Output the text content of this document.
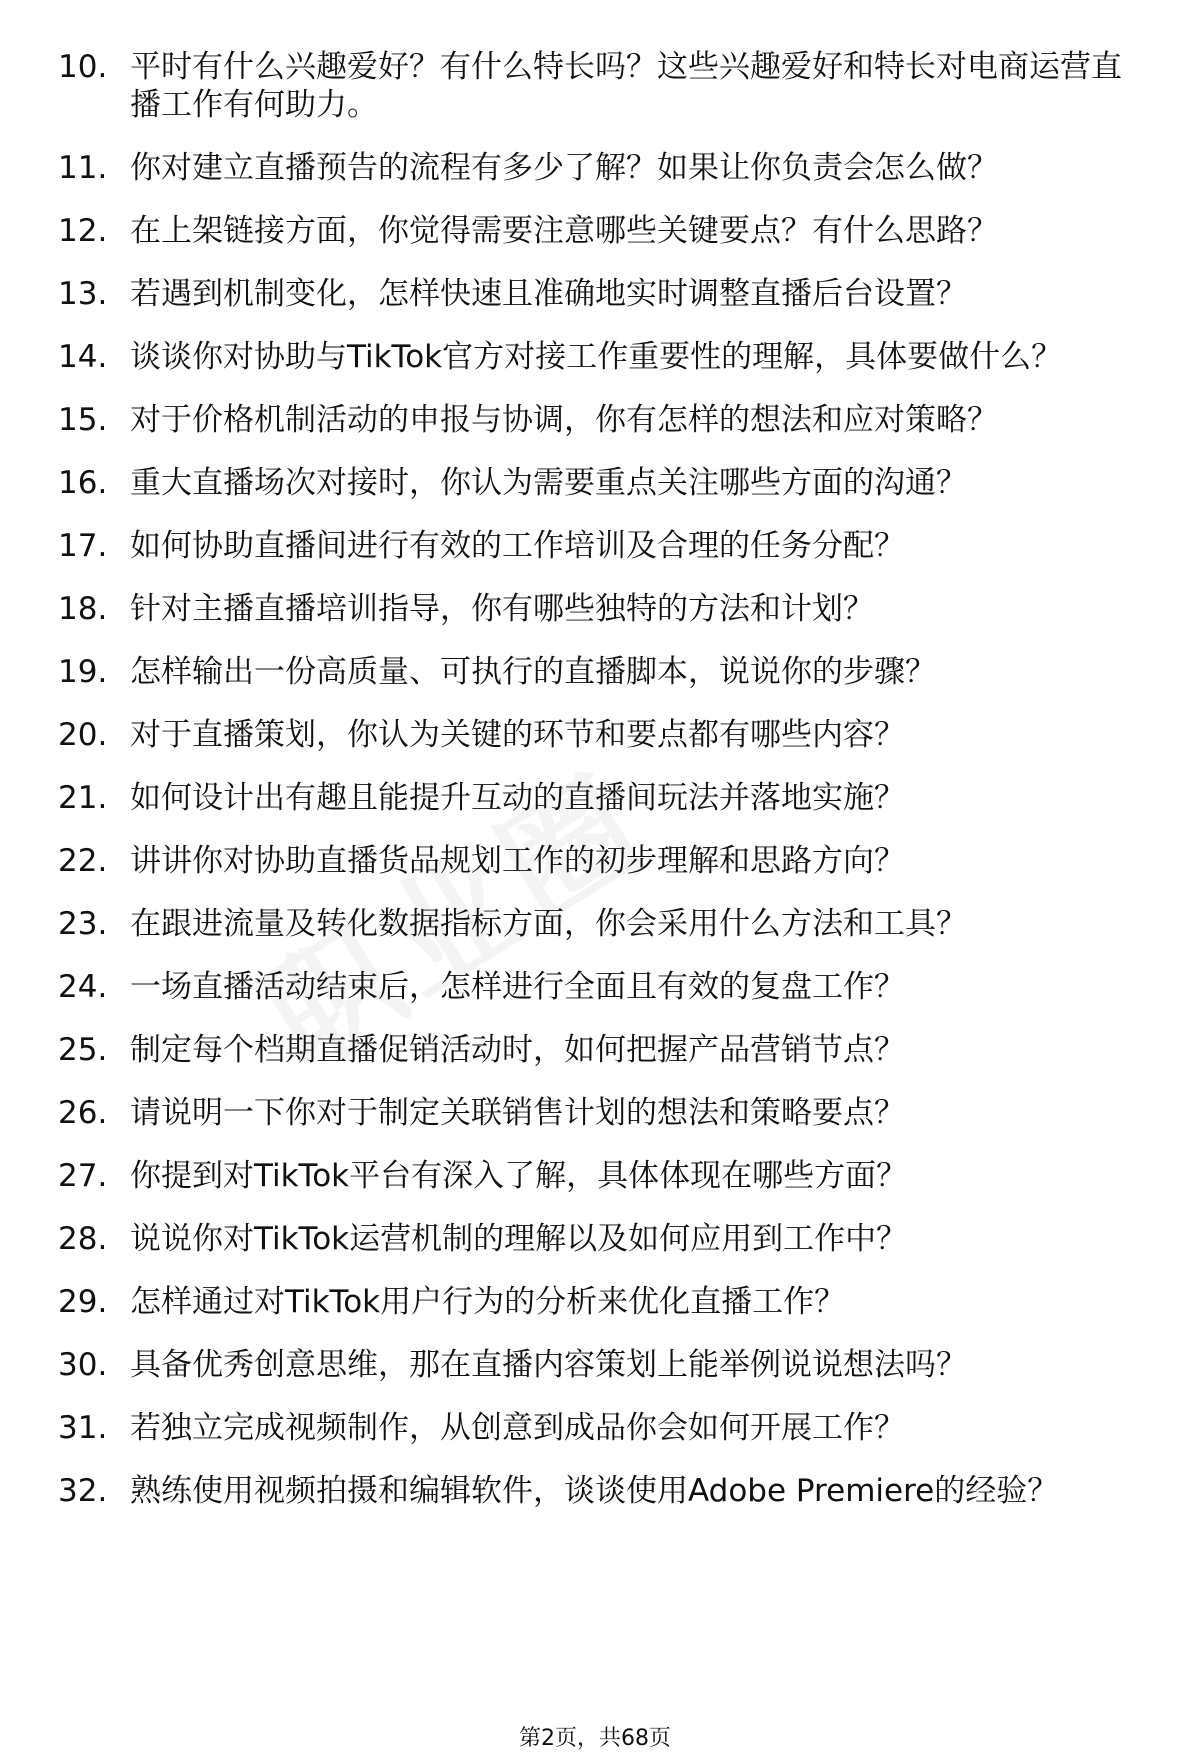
10. 平时有什么兴趣爱好？有什么特长吗？这些兴趣爱好和特长对电商运营直播工作有何助力。
11. 你对建立直播预告的流程有多少了解？如果让你负责会怎么做？
12. 在上架链接方面，你觉得需要注意哪些关键要点？有什么思路？
13. 若遇到机制变化，怎样快速且准确地实时调整直播后台设置？
14. 谈谈你对协助与TikTok官方对接工作重要性的理解，具体要做什么？
15. 对于价格机制活动的申报与协调，你有怎样的想法和应对策略？
16. 重大直播场次对接时，你认为需要重点关注哪些方面的沟通？
17. 如何协助直播间进行有效的工作培训及合理的任务分配？
18. 针对主播直播培训指导，你有哪些独特的方法和计划？
19. 怎样输出一份高质量、可执行的直播脚本，说说你的步骤？
20. 对于直播策划，你认为关键的环节和要点都有哪些内容？
21. 如何设计出有趣且能提升互动的直播间玩法并落地实施？
22. 讲讲你对协助直播货品规划工作的初步理解和思路方向？
23. 在跟进流量及转化数据指标方面，你会采用什么方法和工具？
24. 一场直播活动结束后，怎样进行全面且有效的复盘工作？
25. 制定每个档期直播促销活动时，如何把握产品营销节点？
26. 请说明一下你对于制定关联销售计划的想法和策略要点？
27. 你提到对TikTok平台有深入了解，具体体现在哪些方面？
28. 说说你对TikTok运营机制的理解以及如何应用到工作中？
29. 怎样通过对TikTok用户行为的分析来优化直播工作？
30. 具备优秀创意思维，那在直播内容策划上能举例说说想法吗？
31. 若独立完成视频制作，从创意到成品你会如何开展工作？
32. 熟练使用视频拍摄和编辑软件，谈谈使用Adobe Premiere的经验？
第2页，共68页
